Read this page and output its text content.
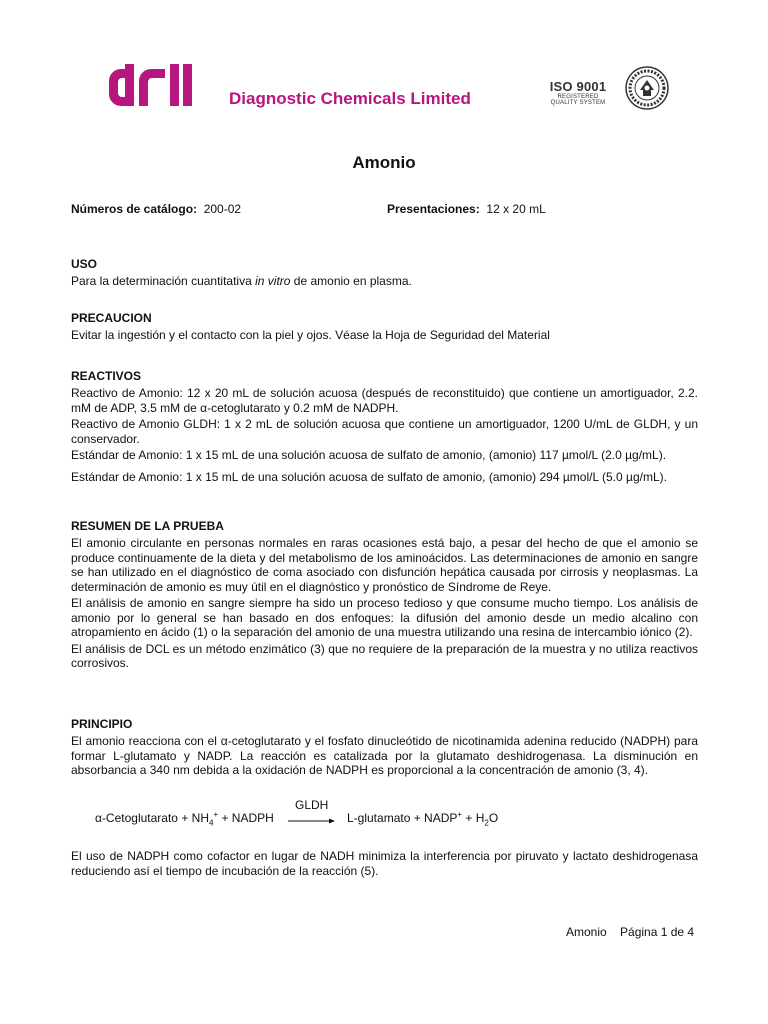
Diagnostic Chemicals Limited
ISO 9001
REGISTERED
QUALITY SYSTEM
Amonio
Números de catálogo: 200-02	Presentaciones: 12 x 20 mL
USO

Para la determinación cuantitativa in vitro de amonio en plasma.

PRECAUCION

Evitar la ingestión y el contacto con la piel y ojos. Véase la Hoja de Seguridad del Material

REACTIVOS

Reactivo de Amonio: 12 x 20 mL de solución acuosa (después de reconstituido) que contiene un amortiguador, 2.2. mM de ADP, 3.5 mM de α-cetoglutarato y 0.2 mM de NADPH.

Reactivo de Amonio GLDH: 1 x 2 mL de solución acuosa que contiene un amortiguador, 1200 U/mL de GLDH, y un conservador.

Estándar de Amonio: 1 x 15 mL de una solución acuosa de sulfato de amonio, (amonio) 117 µmol/L (2.0 µg/mL).

Estándar de Amonio: 1 x 15 mL de una solución acuosa de sulfato de amonio, (amonio) 294 µmol/L (5.0 µg/mL).

RESUMEN DE LA PRUEBA

El amonio circulante en personas normales en raras ocasiones está bajo, a pesar del hecho de que el amonio se produce continuamente de la dieta y del metabolismo de los aminoácidos. Las determinaciones de amonio en sangre se han utilizado en el diagnóstico de coma asociado con disfunción hepática causada por cirrosis y neoplasmas. La determinación de amonio es muy útil en el diagnóstico y pronóstico de Síndrome de Reye.

El análisis de amonio en sangre siempre ha sido un proceso tedioso y que consume mucho tiempo. Los análisis de amonio por lo general se han basado en dos enfoques: la difusión del amonio desde un medio alcalino con atropamiento en ácido (1) o la separación del amonio de una muestra utilizando una resina de intercambio iónico (2).

El análisis de DCL es un método enzimático (3) que no requiere de la preparación de la muestra y no utiliza reactivos corrosivos.

PRINCIPIO

El amonio reacciona con el α-cetoglutarato y el fosfato dinucleótido de nicotinamida adenina reducido (NADPH) para formar L-glutamato y NADP. La reacción es catalizada por la glutamato deshidrogenasa. La disminución en absorbancia a 340 nm debida a la oxidación de NADPH es proporcional a la concentración de amonio (3, 4).

GLDH
α-Cetoglutarato + $NH_4^+$ + NADPH → L-glutamato + NADP+ + $H_2O$

El uso de NADPH como cofactor en lugar de NADH minimiza la interferencia por piruvato y lactato deshidrogenasa reduciendo así el tiempo de incubación de la reacción (5).

Amonio Página 1 de 4
